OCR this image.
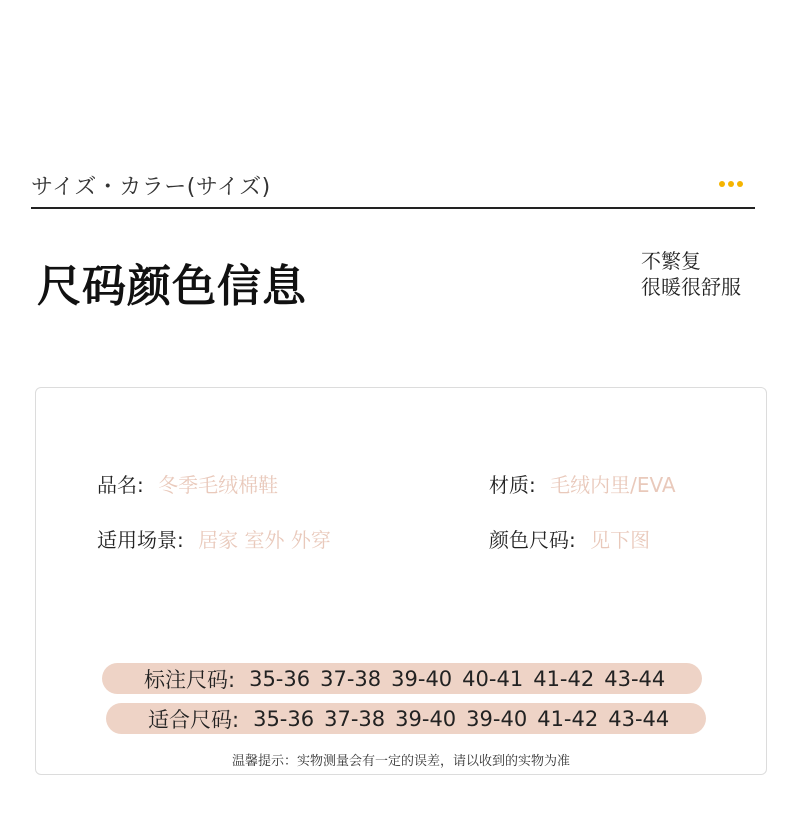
サイズ・カラー(サイズ)
尺码颜色信息	不繁复
很暖很舒服
品名: 冬季毛绒棉鞋	材质: 毛绒内里/EVA
适用场景: 居家 室外 外穿	颜色尺码: 见下图
标注尺码: 35-36 37-38 39-40 40-41 41-42 43-44
适合尺码: 35-36 37-38 39-40 39-40 41-42 43-44
温馨提示：实物测量会有一定的误差，请以收到的实物为准
